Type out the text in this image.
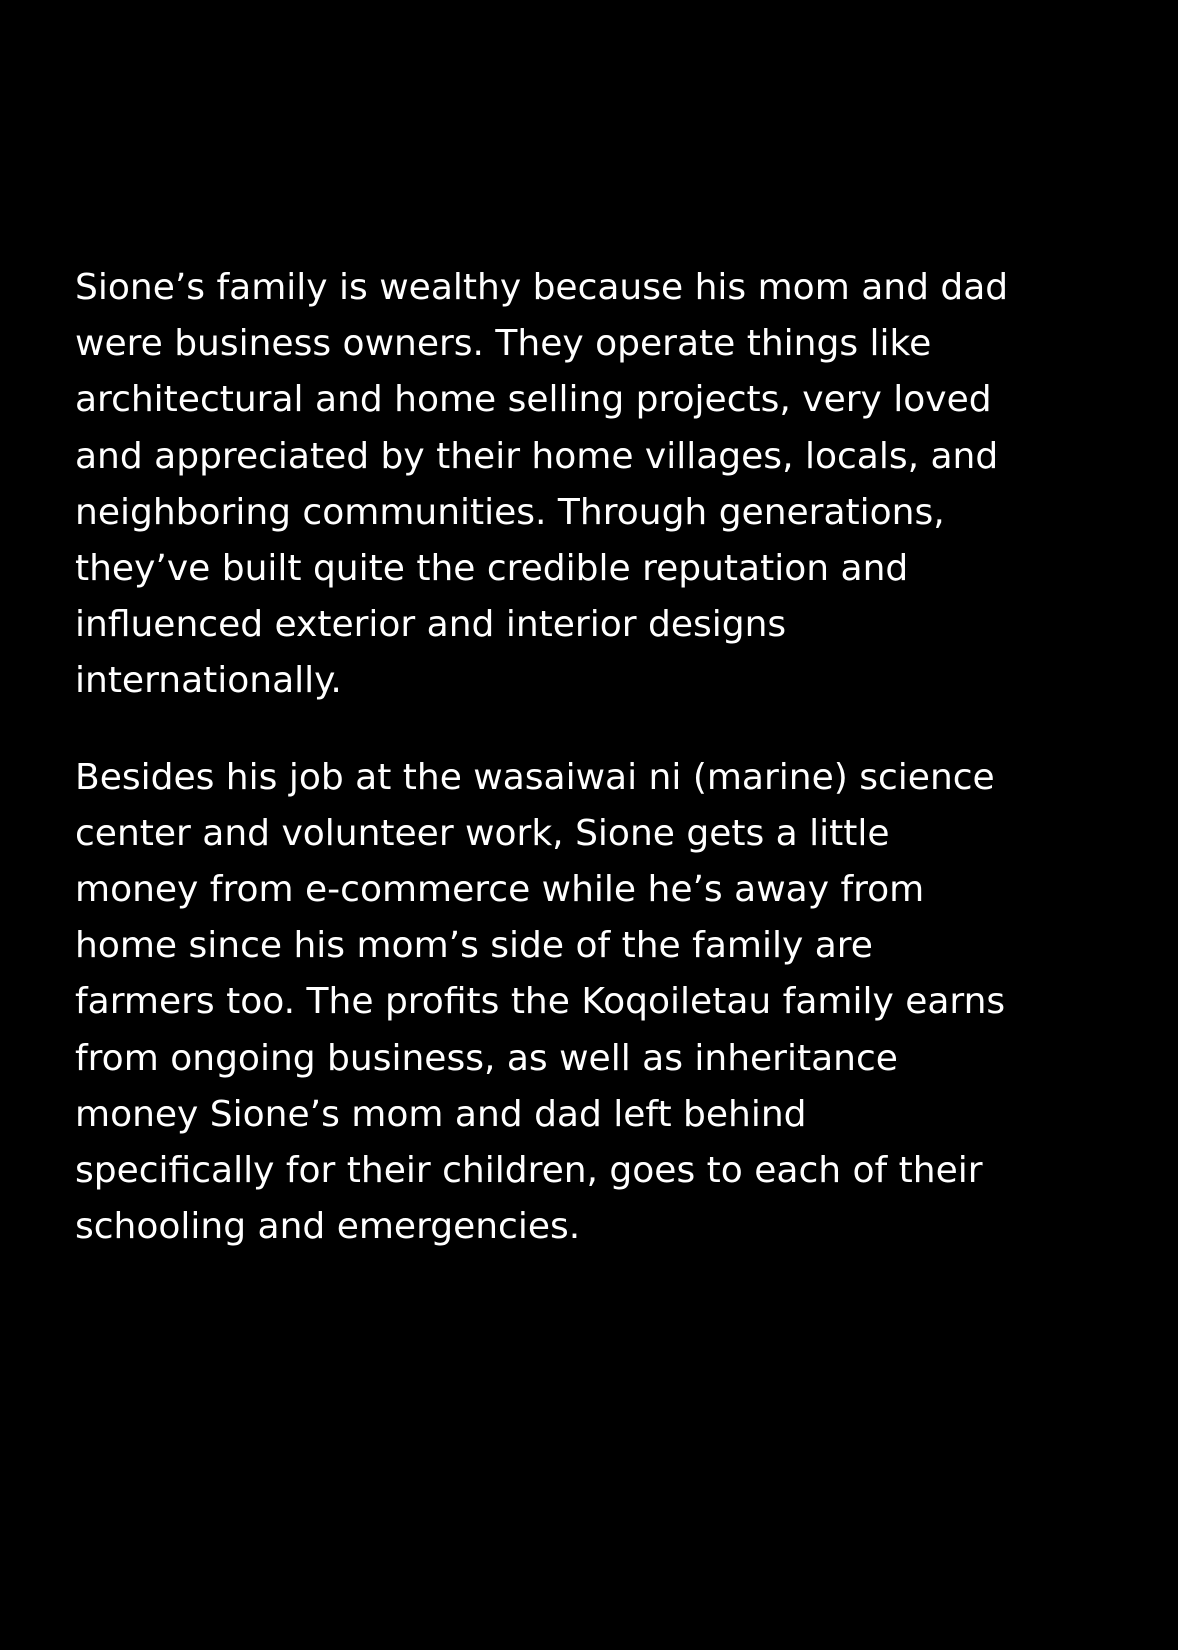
Sione’s family is wealthy because his mom and dad
were business owners. They operate things like
architectural and home selling projects, very loved
and appreciated by their home villages, locals, and
neighboring communities. Through generations,
they’ve built quite the credible reputation and
influenced exterior and interior designs
internationally.

Besides his job at the wasaiwai ni (marine) science
center and volunteer work, Sione gets a little
money from e-commerce while he’s away from
home since his mom’s side of the family are
farmers too. The profits the Koqoiletau family earns
from ongoing business, as well as inheritance
money Sione’s mom and dad left behind
specifically for their children, goes to each of their
schooling and emergencies.
